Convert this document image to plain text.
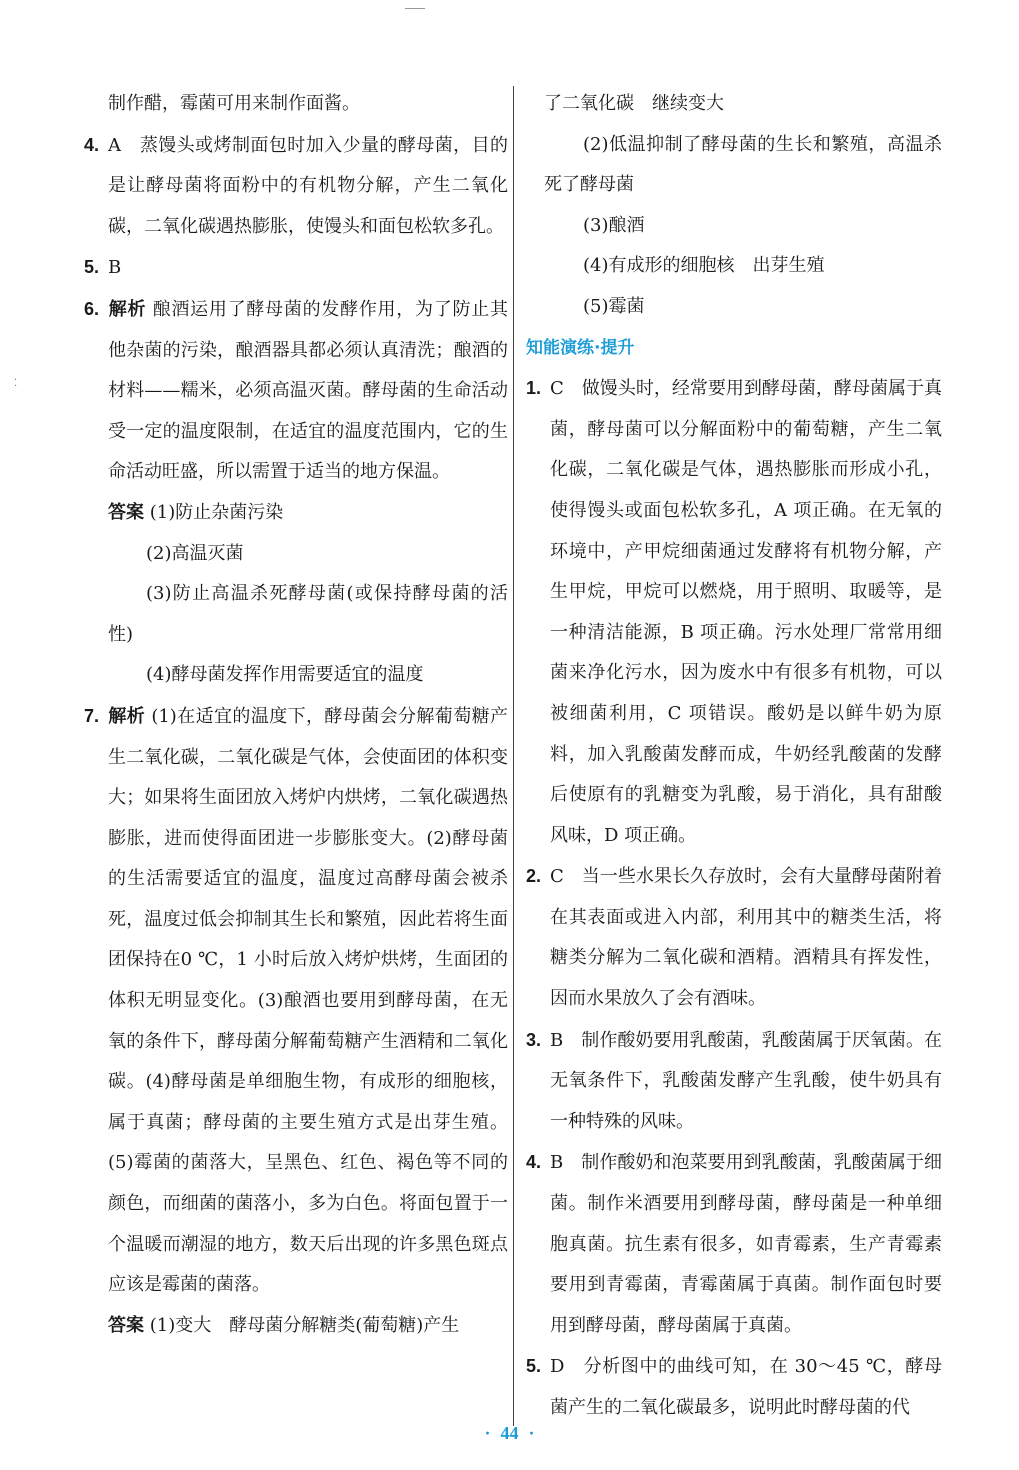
⁚

制作醋，霉菌可用来制作面酱。

4. A　蒸馒头或烤制面包时加入少量的酵母菌，目的是让酵母菌将面粉中的有机物分解，产生二氧化碳，二氧化碳遇热膨胀，使馒头和面包松软多孔。

5. B

6. 解析 酿酒运用了酵母菌的发酵作用，为了防止其他杂菌的污染，酿酒器具都必须认真清洗；酿酒的材料——糯米，必须高温灭菌。酵母菌的生命活动受一定的温度限制，在适宜的温度范围内，它的生命活动旺盛，所以需置于适当的地方保温。

答案 (1)防止杂菌污染

(2)高温灭菌

(3)防止高温杀死酵母菌(或保持酵母菌的活性)

(4)酵母菌发挥作用需要适宜的温度

7. 解析 (1)在适宜的温度下，酵母菌会分解葡萄糖产生二氧化碳，二氧化碳是气体，会使面团的体积变大；如果将生面团放入烤炉内烘烤，二氧化碳遇热膨胀，进而使得面团进一步膨胀变大。(2)酵母菌的生活需要适宜的温度，温度过高酵母菌会被杀死，温度过低会抑制其生长和繁殖，因此若将生面团保持在0 ℃，1 小时后放入烤炉烘烤，生面团的体积无明显变化。(3)酿酒也要用到酵母菌，在无氧的条件下，酵母菌分解葡萄糖产生酒精和二氧化碳。(4)酵母菌是单细胞生物，有成形的细胞核，属于真菌；酵母菌的主要生殖方式是出芽生殖。(5)霉菌的菌落大，呈黑色、红色、褐色等不同的颜色，而细菌的菌落小，多为白色。将面包置于一个温暖而潮湿的地方，数天后出现的许多黑色斑点应该是霉菌的菌落。

答案 (1)变大　酵母菌分解糖类(葡萄糖)产生

了二氧化碳　继续变大

(2)低温抑制了酵母菌的生长和繁殖，高温杀死了酵母菌

(3)酿酒

(4)有成形的细胞核　出芽生殖

(5)霉菌

知能演练·提升

1. C　做馒头时，经常要用到酵母菌，酵母菌属于真菌，酵母菌可以分解面粉中的葡萄糖，产生二氧化碳，二氧化碳是气体，遇热膨胀而形成小孔，使得馒头或面包松软多孔，A 项正确。在无氧的环境中，产甲烷细菌通过发酵将有机物分解，产生甲烷，甲烷可以燃烧，用于照明、取暖等，是一种清洁能源，B 项正确。污水处理厂常常用细菌来净化污水，因为废水中有很多有机物，可以被细菌利用，C 项错误。酸奶是以鲜牛奶为原料，加入乳酸菌发酵而成，牛奶经乳酸菌的发酵后使原有的乳糖变为乳酸，易于消化，具有甜酸风味，D 项正确。

2. C　当一些水果长久存放时，会有大量酵母菌附着在其表面或进入内部，利用其中的糖类生活，将糖类分解为二氧化碳和酒精。酒精具有挥发性，因而水果放久了会有酒味。

3. B　制作酸奶要用乳酸菌，乳酸菌属于厌氧菌。在无氧条件下，乳酸菌发酵产生乳酸，使牛奶具有一种特殊的风味。

4. B　制作酸奶和泡菜要用到乳酸菌，乳酸菌属于细菌。制作米酒要用到酵母菌，酵母菌是一种单细胞真菌。抗生素有很多，如青霉素，生产青霉素要用到青霉菌，青霉菌属于真菌。制作面包时要用到酵母菌，酵母菌属于真菌。

5. D　分析图中的曲线可知，在 30～45 ℃，酵母菌产生的二氧化碳最多，说明此时酵母菌的代

· 44 ·
